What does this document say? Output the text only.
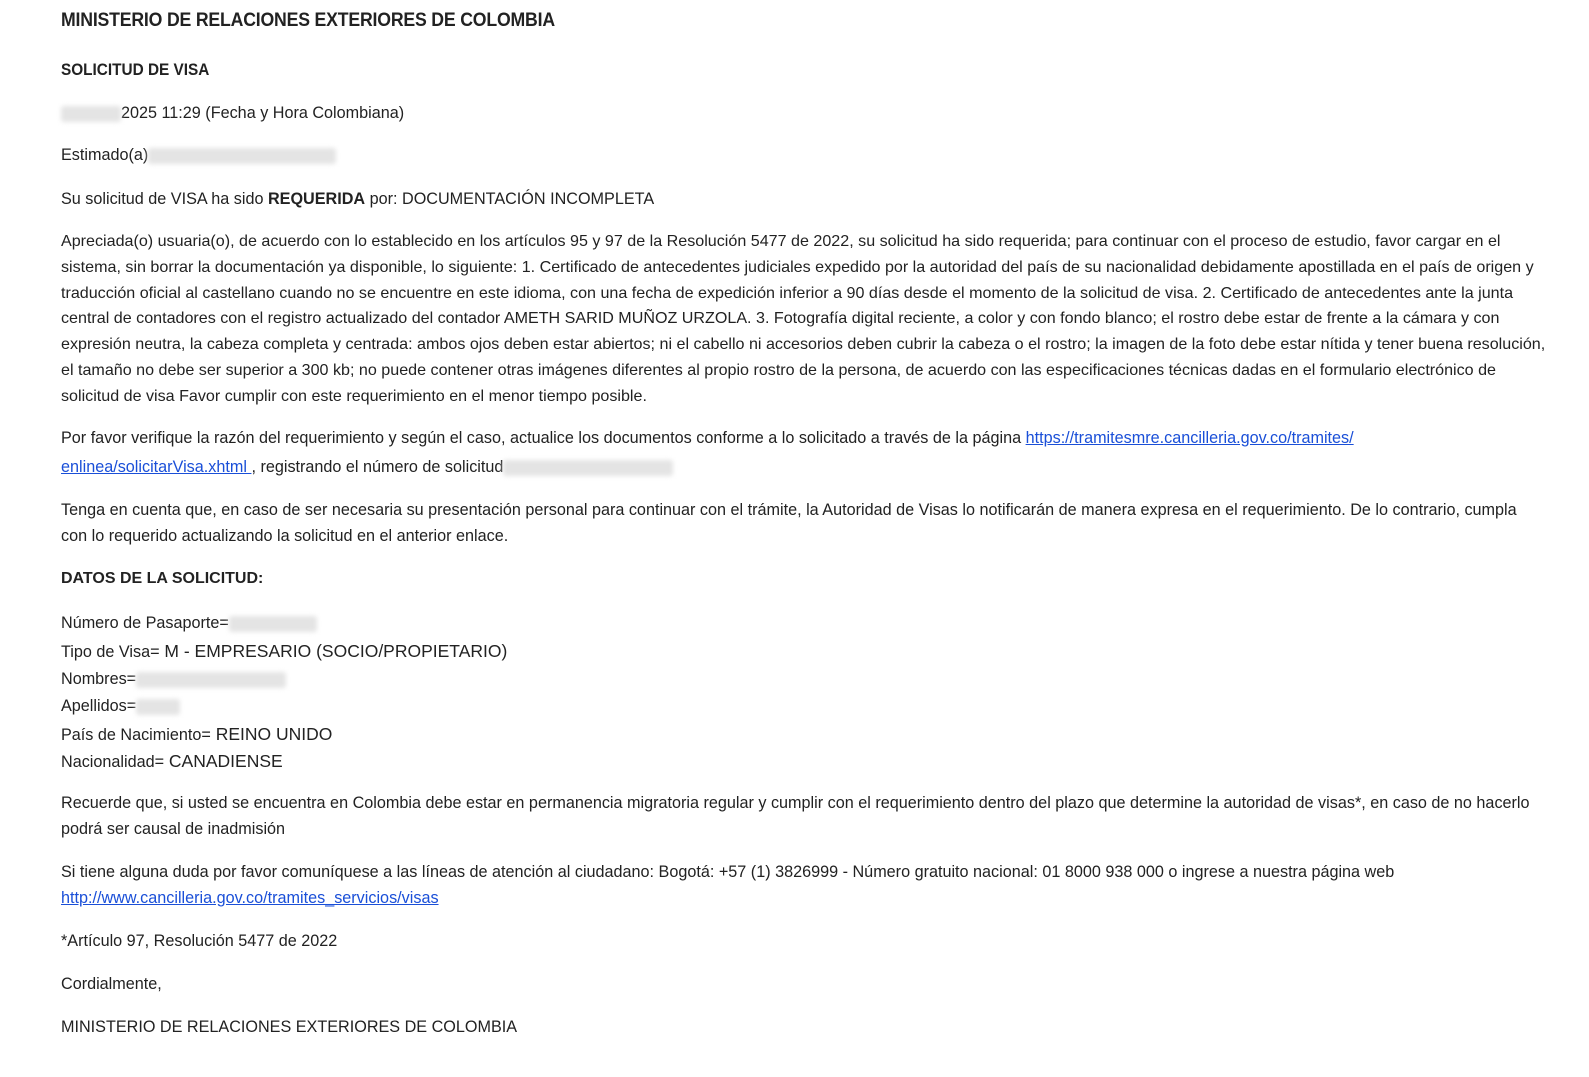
MINISTERIO DE RELACIONES EXTERIORES DE COLOMBIA
SOLICITUD DE VISA
2025 11:29 (Fecha y Hora Colombiana)
Estimado(a)
Su solicitud de VISA ha sido REQUERIDA por: DOCUMENTACIÓN INCOMPLETA
Apreciada(o) usuaria(o), de acuerdo con lo establecido en los artículos 95 y 97 de la Resolución 5477 de 2022, su solicitud ha sido requerida; para continuar con el proceso de estudio, favor cargar en el sistema, sin borrar la documentación ya disponible, lo siguiente: 1. Certificado de antecedentes judiciales expedido por la autoridad del país de su nacionalidad debidamente apostillada en el país de origen y traducción oficial al castellano cuando no se encuentre en este idioma, con una fecha de expedición inferior a 90 días desde el momento de la solicitud de visa. 2. Certificado de antecedentes ante la junta central de contadores con el registro actualizado del contador AMETH SARID MUÑOZ URZOLA. 3. Fotografía digital reciente, a color y con fondo blanco; el rostro debe estar de frente a la cámara y con expresión neutra, la cabeza completa y centrada: ambos ojos deben estar abiertos; ni el cabello ni accesorios deben cubrir la cabeza o el rostro; la imagen de la foto debe estar nítida y tener buena resolución, el tamaño no debe ser superior a 300 kb; no puede contener otras imágenes diferentes al propio rostro de la persona, de acuerdo con las especificaciones técnicas dadas en el formulario electrónico de solicitud de visa Favor cumplir con este requerimiento en el menor tiempo posible.
Por favor verifique la razón del requerimiento y según el caso, actualice los documentos conforme a lo solicitado a través de la página https://tramitesmre.cancilleria.gov.co/tramites/
enlinea/solicitarVisa.xhtml , registrando el número de solicitud
Tenga en cuenta que, en caso de ser necesaria su presentación personal para continuar con el trámite, la Autoridad de Visas lo notificarán de manera expresa en el requerimiento. De lo contrario, cumpla con lo requerido actualizando la solicitud en el anterior enlace.
DATOS DE LA SOLICITUD:
Número de Pasaporte=
Tipo de Visa= M - EMPRESARIO (SOCIO/PROPIETARIO)
Nombres=
Apellidos=
País de Nacimiento= REINO UNIDO
Nacionalidad= CANADIENSE
Recuerde que, si usted se encuentra en Colombia debe estar en permanencia migratoria regular y cumplir con el requerimiento dentro del plazo que determine la autoridad de visas*, en caso de no hacerlo podrá ser causal de inadmisión
Si tiene alguna duda por favor comuníquese a las líneas de atención al ciudadano: Bogotá: +57 (1) 3826999 - Número gratuito nacional: 01 8000 938 000 o ingrese a nuestra página web http://www.cancilleria.gov.co/tramites_servicios/visas
*Artículo 97, Resolución 5477 de 2022
Cordialmente,
MINISTERIO DE RELACIONES EXTERIORES DE COLOMBIA
